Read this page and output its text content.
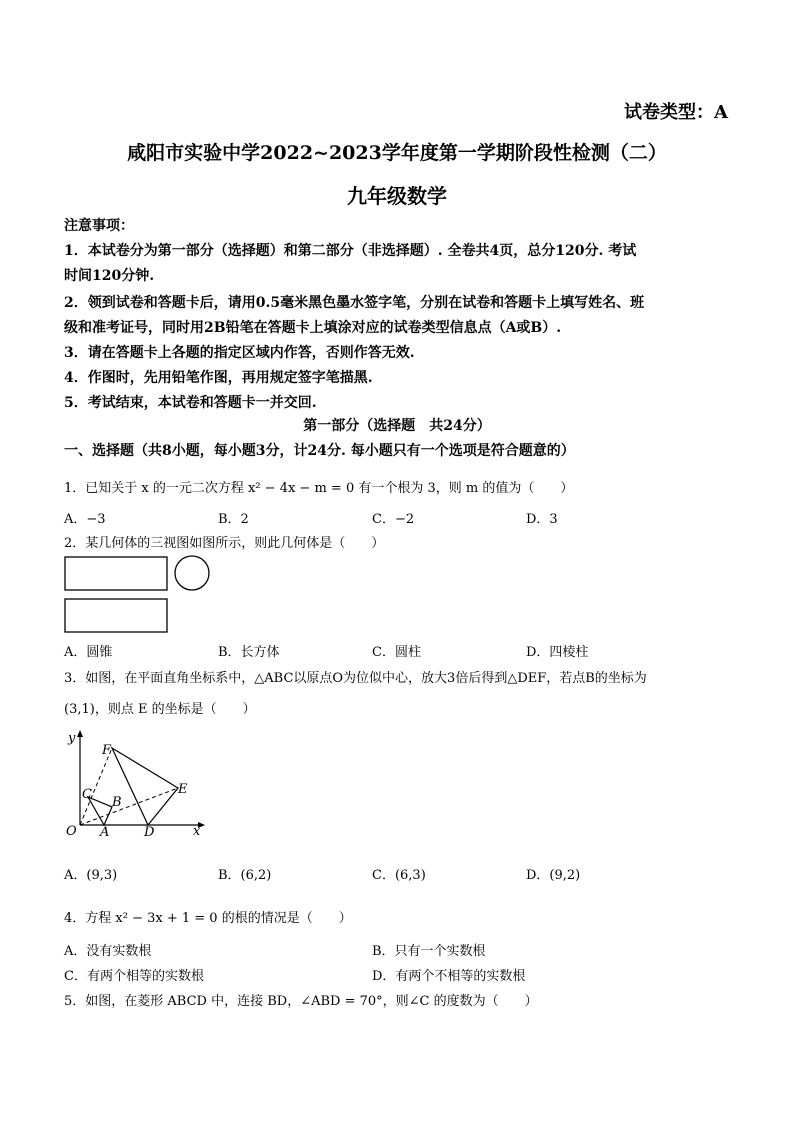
试卷类型：A
咸阳市实验中学2022~2023学年度第一学期阶段性检测（二）
九年级数学
注意事项：
1．本试卷分为第一部分（选择题）和第二部分（非选择题）. 全卷共4页，总分120分. 考试
时间120分钟.
2．领到试卷和答题卡后，请用0.5毫米黑色墨水签字笔，分别在试卷和答题卡上填写姓名、班
级和准考证号，同时用2B铅笔在答题卡上填涂对应的试卷类型信息点（A或B）.
3．请在答题卡上各题的指定区域内作答，否则作答无效.
4．作图时，先用铅笔作图，再用规定签字笔描黑.
5．考试结束，本试卷和答题卡一并交回.
第一部分（选择题　共24分）
一、选择题（共8小题，每小题3分，计24分. 每小题只有一个选项是符合题意的）
1．已知关于 x 的一元二次方程 x² − 4x − m = 0 有一个根为 3，则 m 的值为（　　）
A．−3	B．2	C．−2	D．3
2．某几何体的三视图如图所示，则此几何体是（　　）
A．圆锥	B．长方体	C．圆柱	D．四棱柱
3．如图，在平面直角坐标系中，△ABC以原点O为位似中心，放大3倍后得到△DEF，若点B的坐标为
(3,1)，则点 E 的坐标是（　　）
y
x
O A
B
C
D
E
F
A．(9,3)	B．(6,2)	C．(6,3)	D．(9,2)
4．方程 x² − 3x + 1 = 0 的根的情况是（　　）
A．没有实数根	B．只有一个实数根
C．有两个相等的实数根	D．有两个不相等的实数根
5．如图，在菱形 ABCD 中，连接 BD，∠ABD = 70°，则∠C 的度数为（　　）
